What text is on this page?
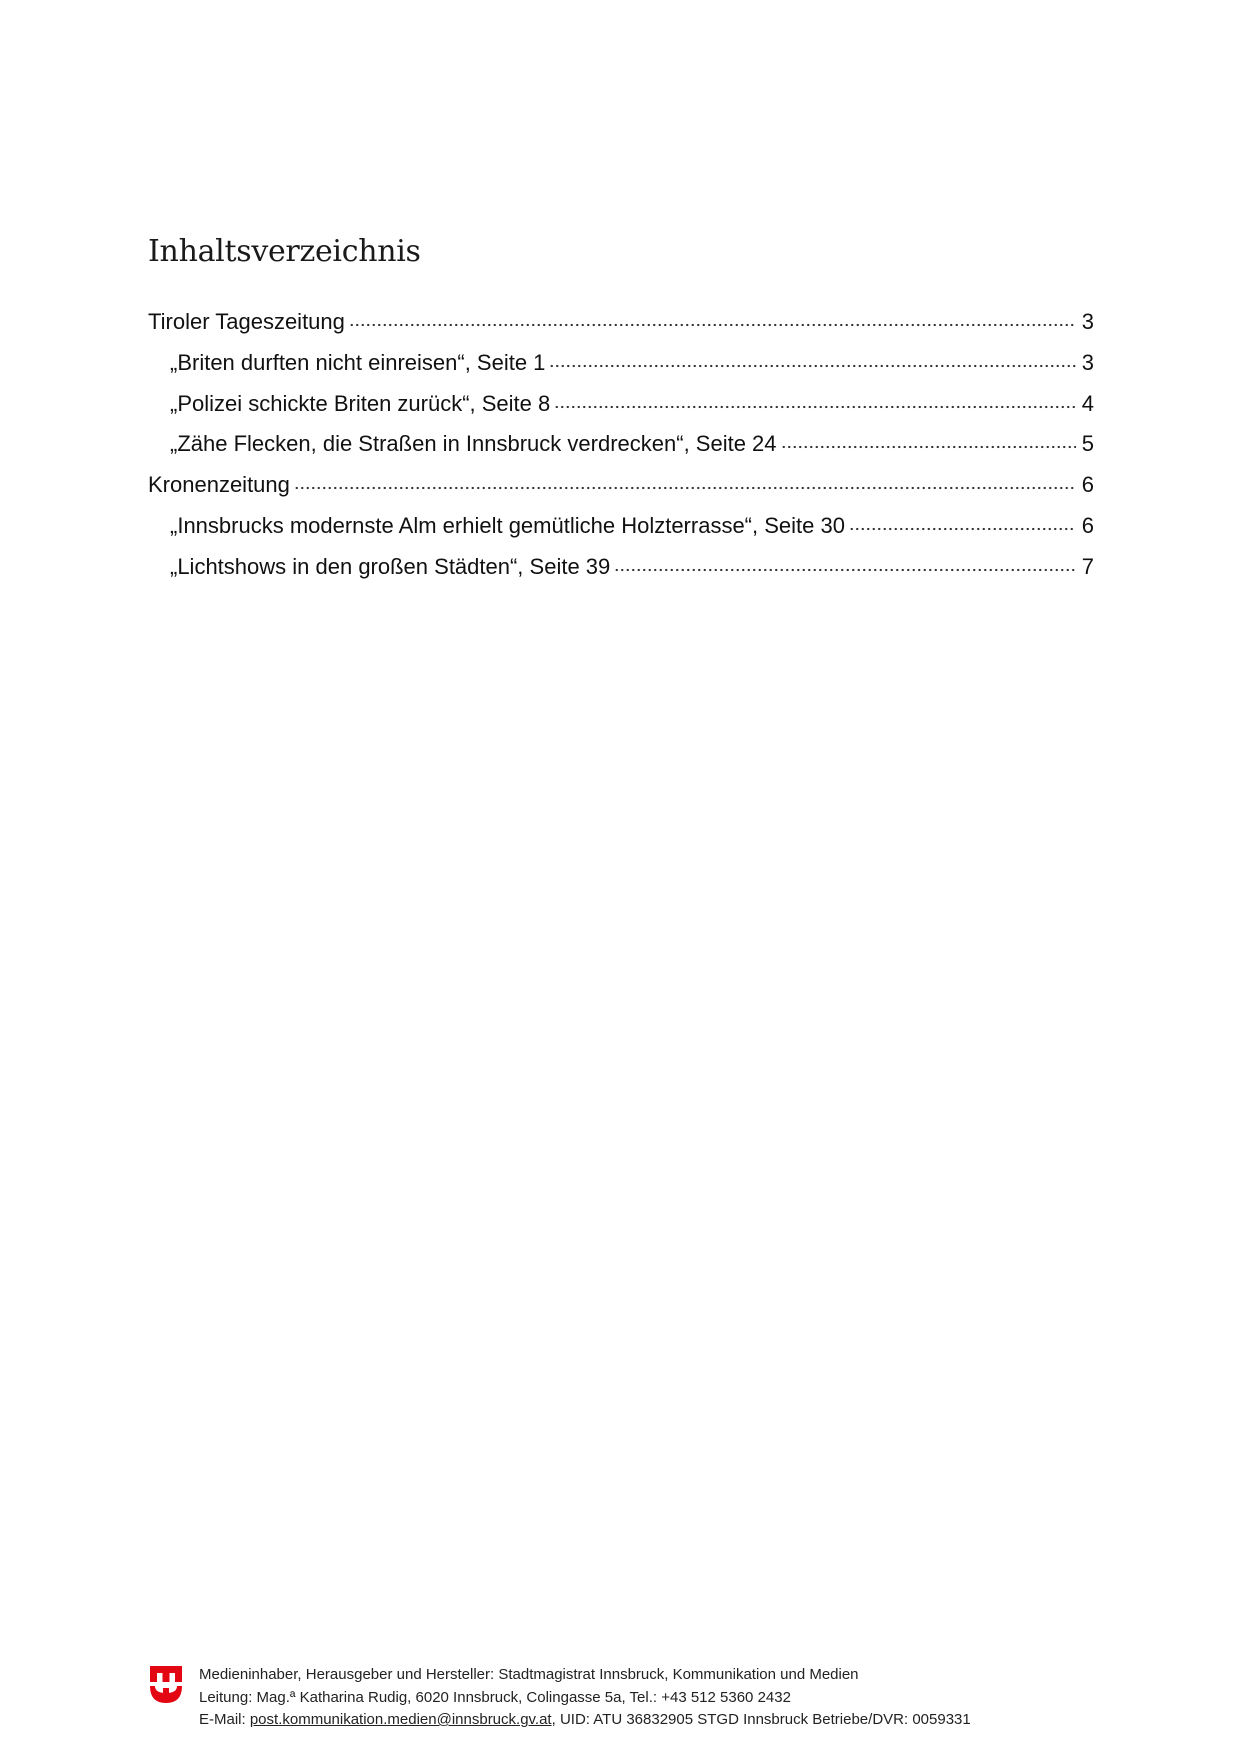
Inhaltsverzeichnis
Tiroler Tageszeitung	3
„Briten durften nicht einreisen“, Seite 1	3
„Polizei schickte Briten zurück“, Seite 8	4
„Zähe Flecken, die Straßen in Innsbruck verdrecken“, Seite 24	5
Kronenzeitung	6
„Innsbrucks modernste Alm erhielt gemütliche Holzterrasse“, Seite 30	6
„Lichtshows in den großen Städten“, Seite 39	7
Medieninhaber, Herausgeber und Hersteller: Stadtmagistrat Innsbruck, Kommunikation und Medien
Leitung: Mag.ª Katharina Rudig, 6020 Innsbruck, Colingasse 5a, Tel.: +43 512 5360 2432
E-Mail: post.kommunikation.medien@innsbruck.gv.at, UID: ATU 36832905 STGD Innsbruck Betriebe/DVR: 0059331
